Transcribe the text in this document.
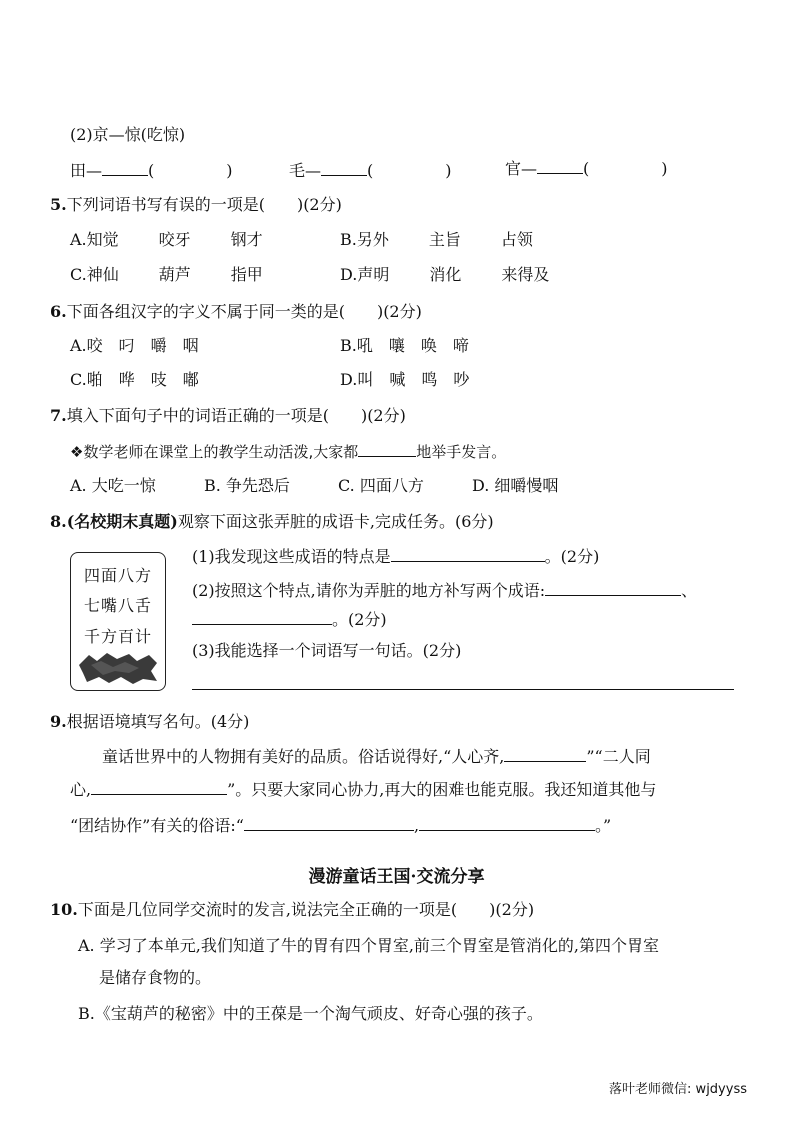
(2)京—惊(吃惊)
田—	(	)	毛—	(	)	官—	(	)
5.下列词语书写有误的一项是(　　)(2分)
A.知觉 咬牙 钢才	B.另外 主旨 占领
C.神仙 葫芦 指甲	D.声明 消化 来得及
6.下面各组汉字的字义不属于同一类的是(　　)(2分)
A.咬 叼 嚼 咽	B.吼 嚷 唤 啼
C.啪 哗 吱 嘟	D.叫 喊 鸣 吵
7.填入下面句子中的词语正确的一项是(　　)(2分)
❖数学老师在课堂上的教学生动活泼,大家都	地举手发言。
A. 大吃一惊	B. 争先恐后	C. 四面八方	D. 细嚼慢咽
8.(名校期末真题)观察下面这张弄脏的成语卡,完成任务。(6分)
四面八方
七嘴八舌
千方百计
(1)我发现这些成语的特点是	。(2分)
(2)按照这个特点,请你为弄脏的地方补写两个成语:	、
。(2分)
(3)我能选择一个词语写一句话。(2分)
9.根据语境填写名句。(4分)
童话世界中的人物拥有美好的品质。俗话说得好,“人心齐,	”“二人同
心,	”。只要大家同心协力,再大的困难也能克服。我还知道其他与
“团结协作”有关的俗语:“	,	。”
漫游童话王国·交流分享
10.下面是几位同学交流时的发言,说法完全正确的一项是(　　)(2分)
A. 学习了本单元,我们知道了牛的胃有四个胃室,前三个胃室是管消化的,第四个胃室
是储存食物的。
B.《宝葫芦的秘密》中的王葆是一个淘气顽皮、好奇心强的孩子。
落叶老师微信: wjdyyss
